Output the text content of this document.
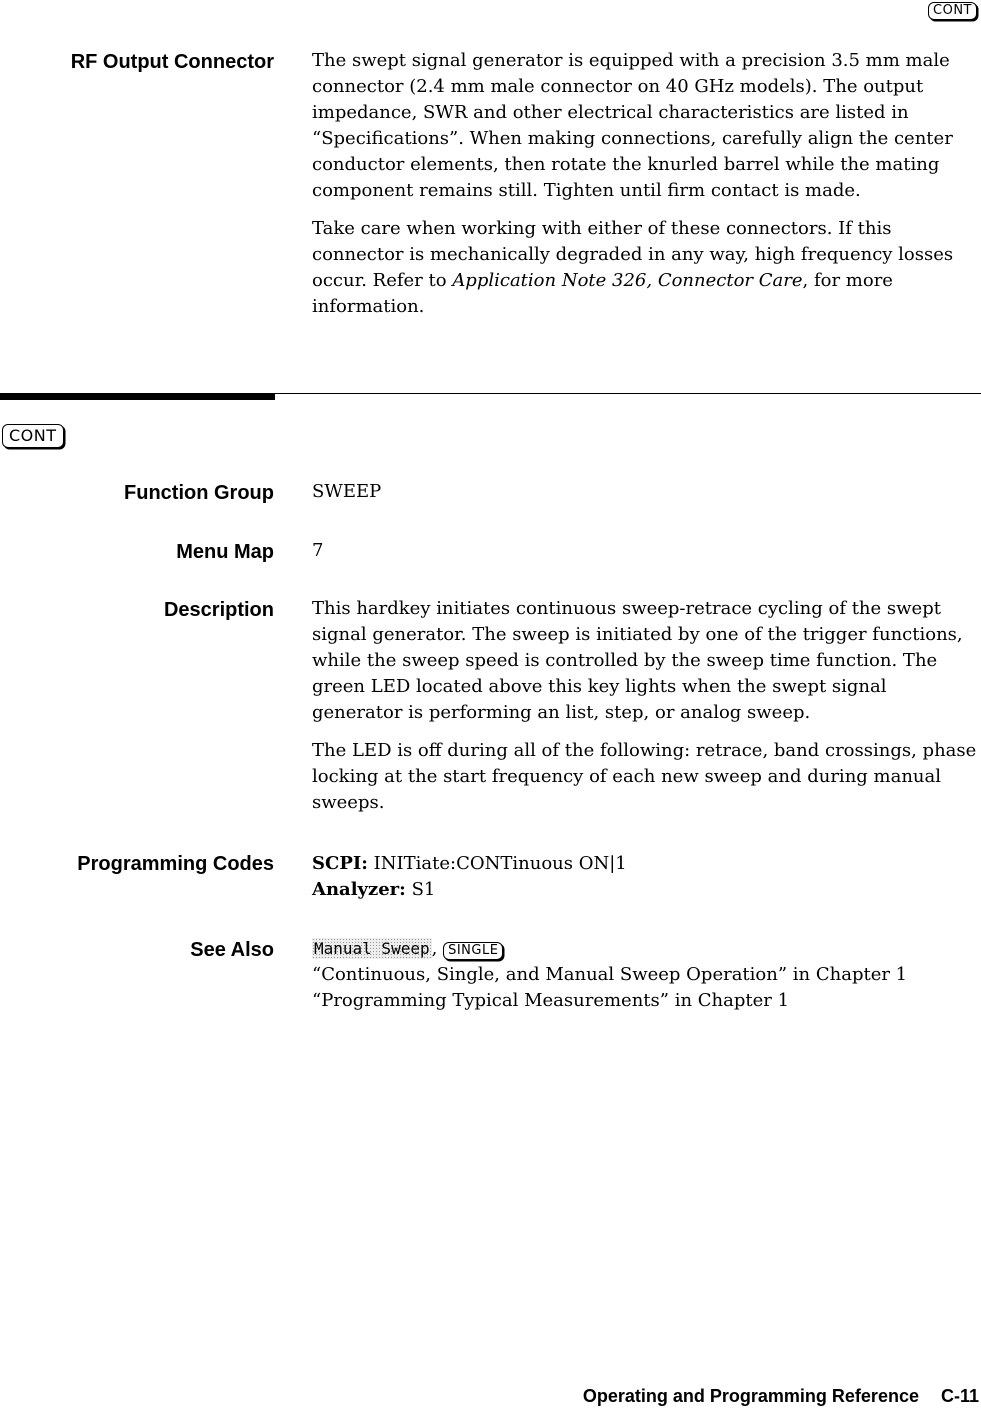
CONT
RF Output Connector The swept signal generator is equipped with a precision 3.5 mm male connector (2.4 mm male connector on 40 GHz models). The output impedance, SWR and other electrical characteristics are listed in “Specifications”. When making connections, carefully align the center conductor elements, then rotate the knurled barrel while the mating component remains still. Tighten until firm contact is made.

Take care when working with either of these connectors. If this connector is mechanically degraded in any way, high frequency losses occur. Refer to Application Note 326, Connector Care, for more information.

CONT
Function Group SWEEP
Menu Map 7
Description This hardkey initiates continuous sweep-retrace cycling of the swept signal generator. The sweep is initiated by one of the trigger functions, while the sweep speed is controlled by the sweep time function. The green LED located above this key lights when the swept signal generator is performing an list, step, or analog sweep.

The LED is off during all of the following: retrace, band crossings, phase locking at the start frequency of each new sweep and during manual sweeps.

Programming Codes SCPI: INITiate:CONTinuous ON|1
Analyzer: S1
See Also	Manual Sweep , SINGLE
“Continuous, Single, and Manual Sweep Operation” in Chapter 1
“Programming Typical Measurements” in Chapter 1
Operating and Programming Reference C-11
